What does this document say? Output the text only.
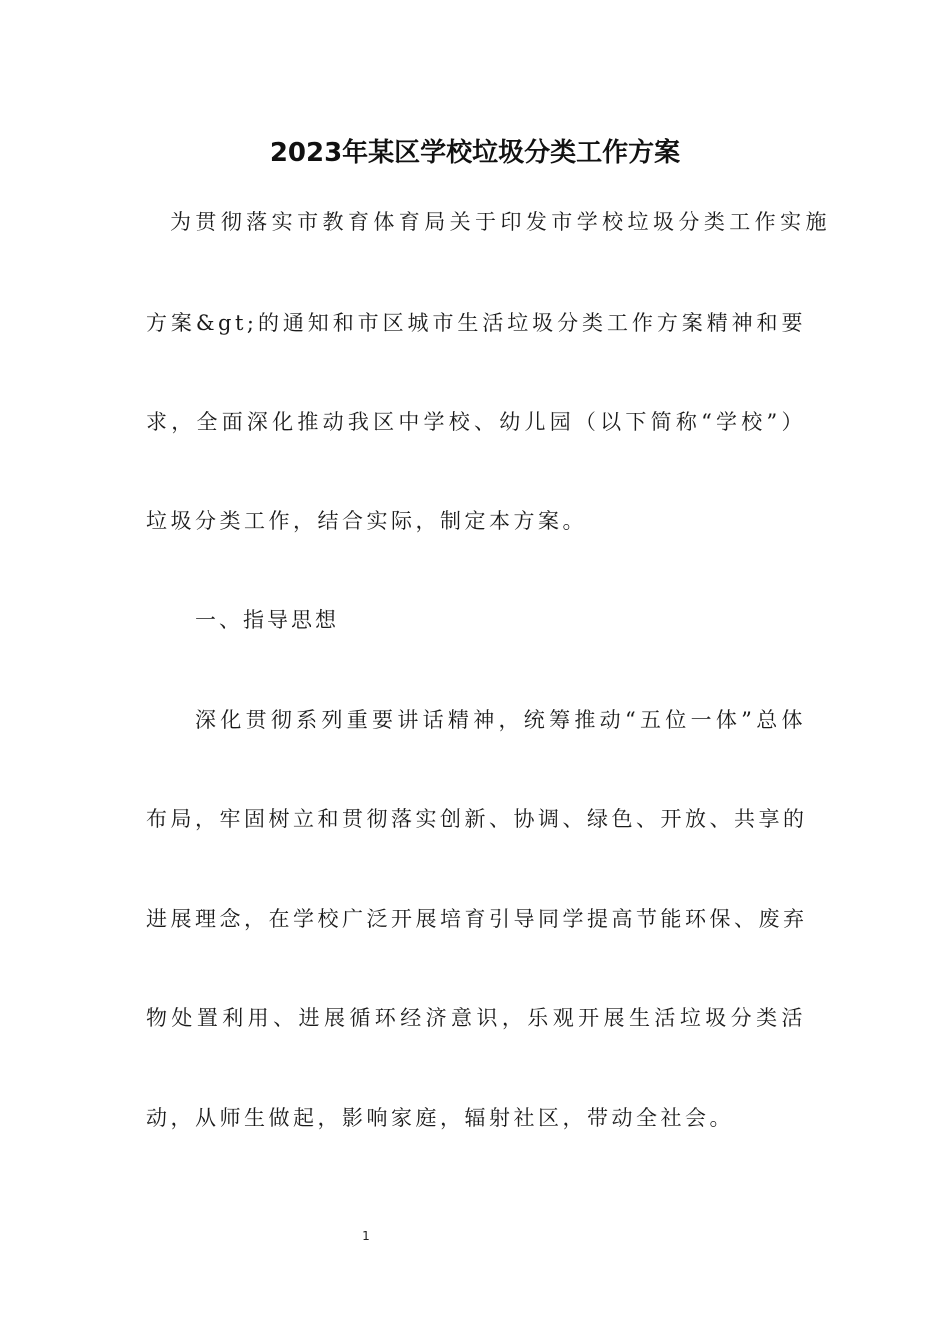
2023年某区学校垃圾分类工作方案
为贯彻落实市教育体育局关于印发市学校垃圾分类工作实施
方案&gt;的通知和市区城市生活垃圾分类工作方案精神和要
求，全面深化推动我区中学校、幼儿园（以下简称“学校”）
垃圾分类工作，结合实际，制定本方案。
一、指导思想
深化贯彻系列重要讲话精神，统筹推动“五位一体”总体
布局，牢固树立和贯彻落实创新、协调、绿色、开放、共享的
进展理念，在学校广泛开展培育引导同学提高节能环保、废弃
物处置利用、进展循环经济意识，乐观开展生活垃圾分类活
动，从师生做起，影响家庭，辐射社区，带动全社会。
1
